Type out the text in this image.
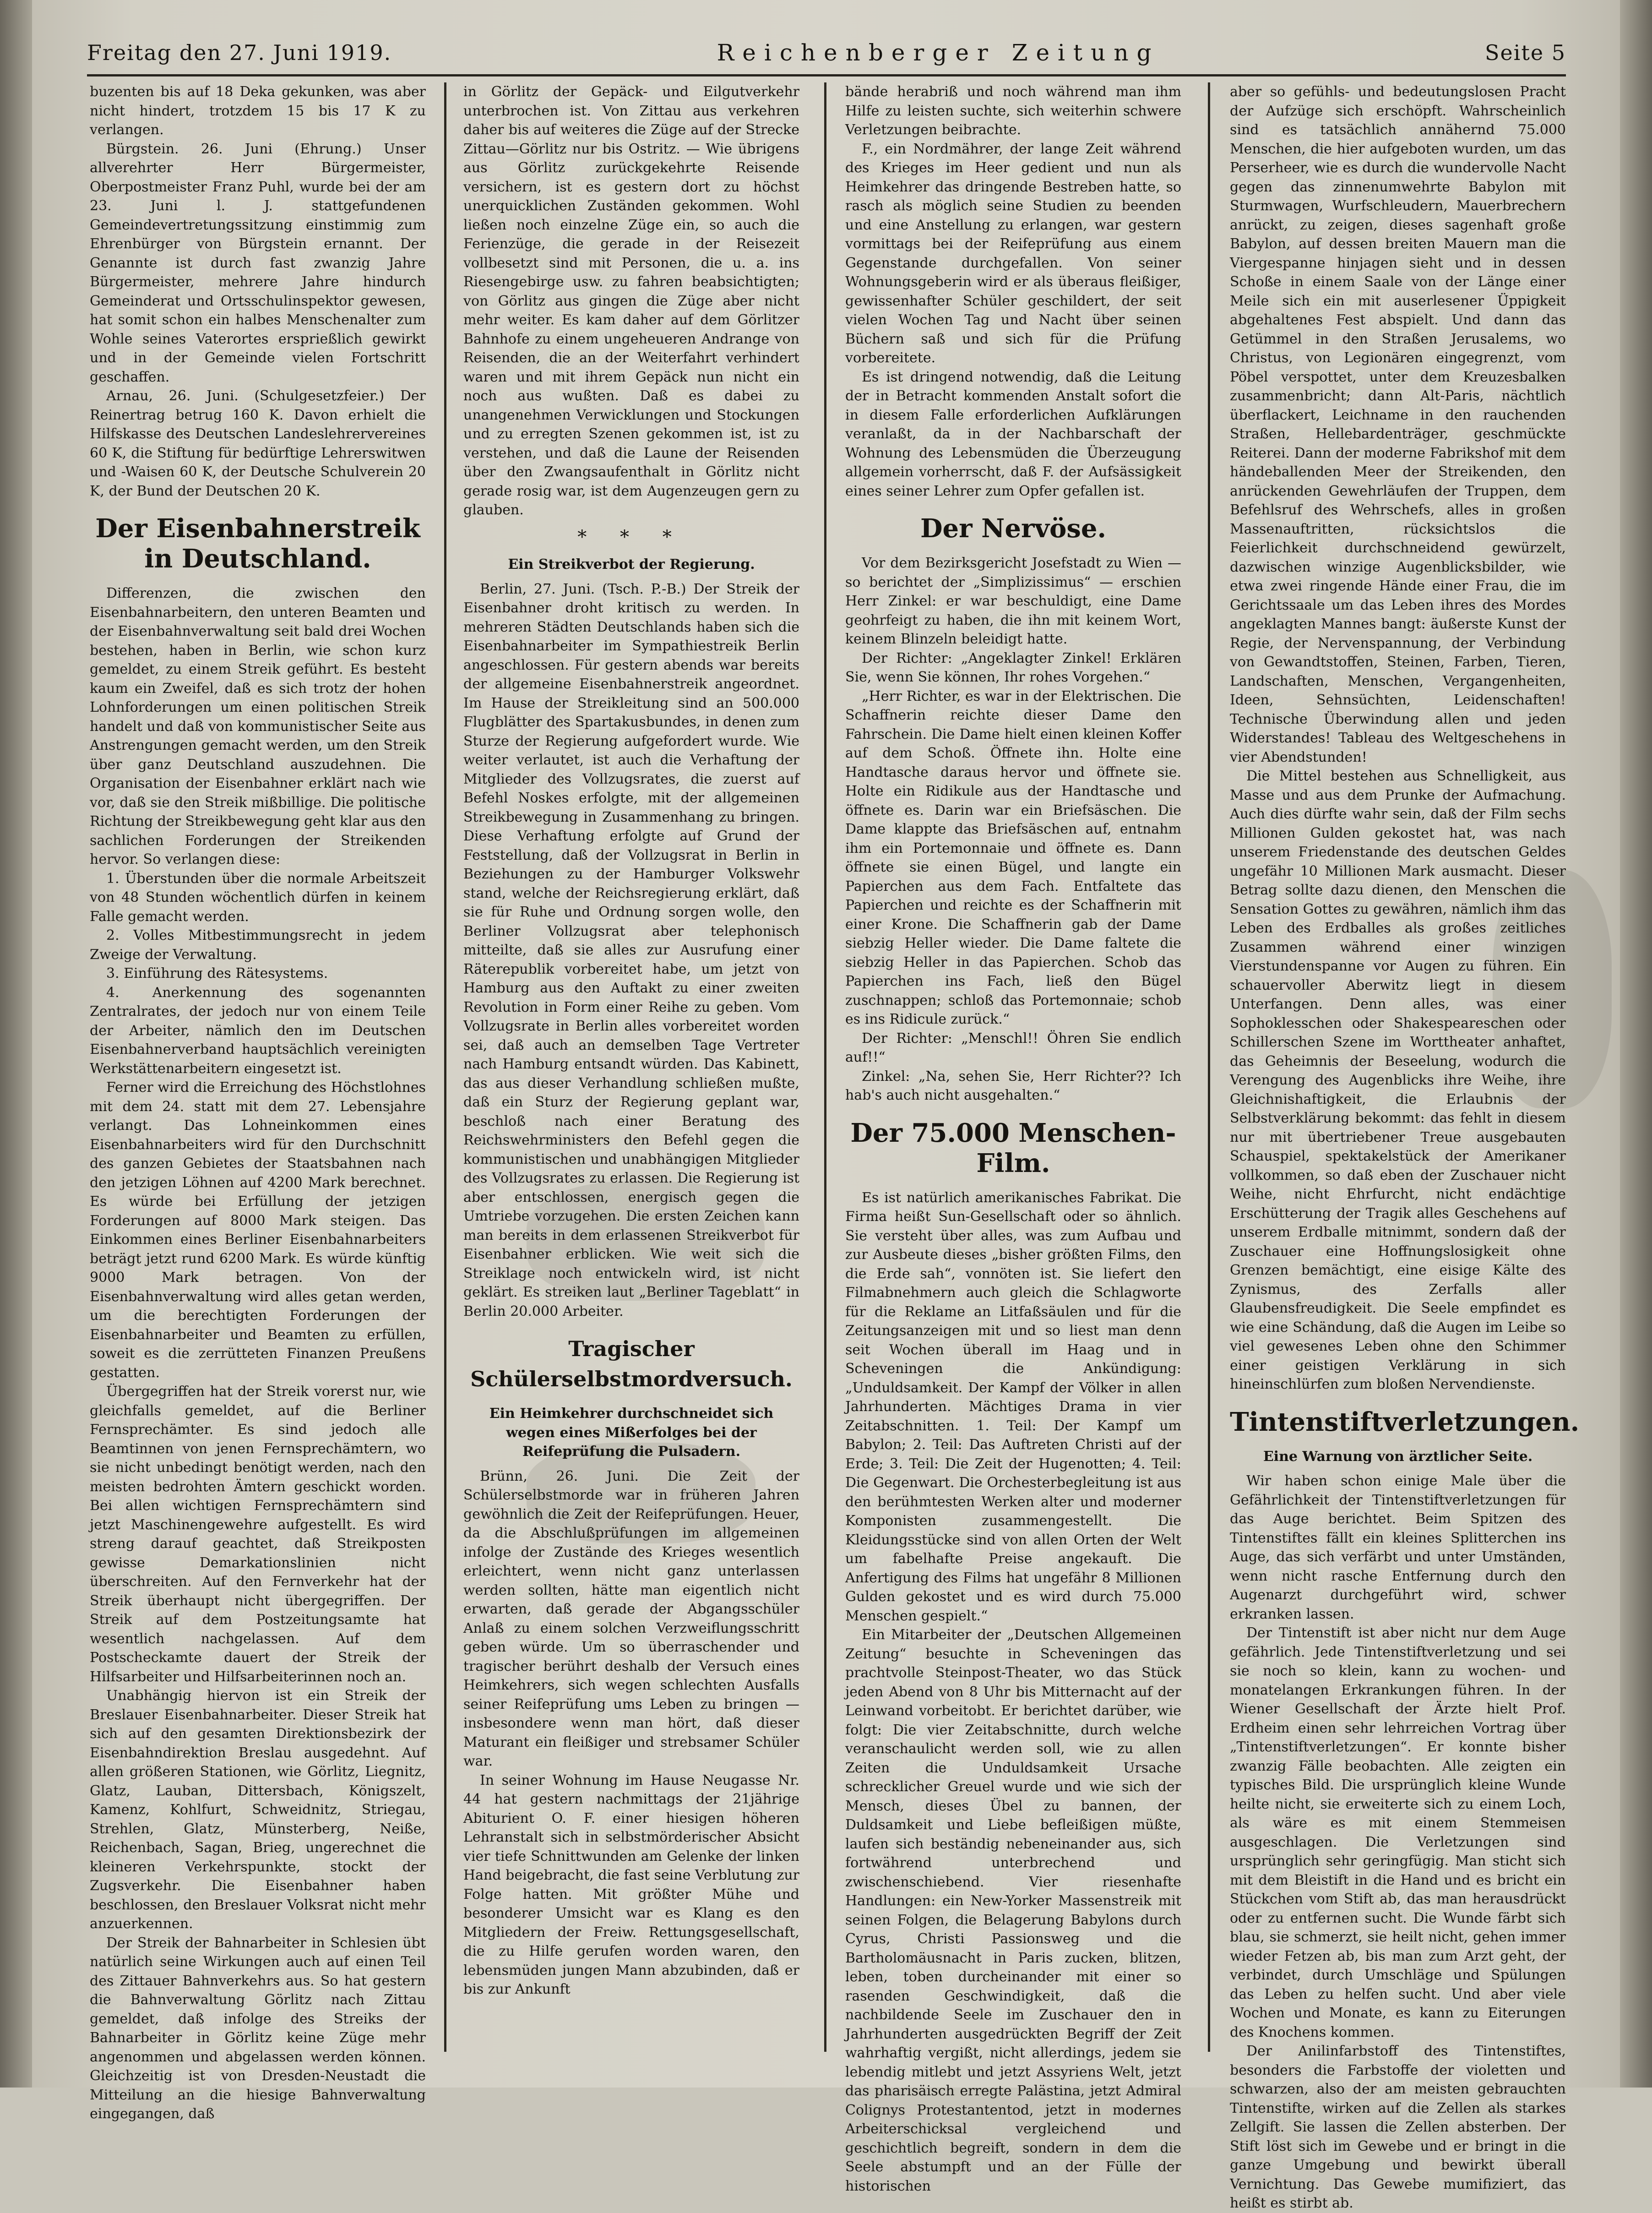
Freitag den 27. Juni 1919.	Reichenberger Zeitung	Seite 5

buzenten bis auf 18 Deka gekunken, was aber nicht hindert, trotzdem 15 bis 17 K zu verlangen.

Bürgstein. 26. Juni (Ehrung.) Unser allverehrter Herr Bürgermeister, Oberpostmeister Franz Puhl, wurde bei der am 23. Juni l. J. stattgefundenen Gemeindevertretungssitzung einstimmig zum Ehrenbürger von Bürgstein ernannt. Der Genannte ist durch fast zwanzig Jahre Bürgermeister, mehrere Jahre hindurch Gemeinderat und Ortsschulinspektor gewesen, hat somit schon ein halbes Menschenalter zum Wohle seines Vaterortes ersprießlich gewirkt und in der Gemeinde vielen Fortschritt geschaffen.

Arnau, 26. Juni. (Schulgesetzfeier.) Der Reinertrag betrug 160 K. Davon erhielt die Hilfskasse des Deutschen Landeslehrervereines 60 K, die Stiftung für bedürftige Lehrerswitwen und -Waisen 60 K, der Deutsche Schulverein 20 K, der Bund der Deutschen 20 K.

Der Eisenbahnerstreik
in Deutschland.

Differenzen, die zwischen den Eisenbahnarbeitern, den unteren Beamten und der Eisenbahnverwaltung seit bald drei Wochen bestehen, haben in Berlin, wie schon kurz gemeldet, zu einem Streik geführt. Es besteht kaum ein Zweifel, daß es sich trotz der hohen Lohnforderungen um einen politischen Streik handelt und daß von kommunistischer Seite aus Anstrengungen gemacht werden, um den Streik über ganz Deutschland auszudehnen. Die Organisation der Eisenbahner erklärt nach wie vor, daß sie den Streik mißbillige. Die politische Richtung der Streikbewegung geht klar aus den sachlichen Forderungen der Streikenden hervor. So verlangen diese:

1. Überstunden über die normale Arbeitszeit von 48 Stunden wöchentlich dürfen in keinem Falle gemacht werden.

2. Volles Mitbestimmungsrecht in jedem Zweige der Verwaltung.

3. Einführung des Rätesystems.

4. Anerkennung des sogenannten Zentralrates, der jedoch nur von einem Teile der Arbeiter, nämlich den im Deutschen Eisenbahnerverband hauptsächlich vereinigten Werkstättenarbeitern eingesetzt ist.

Ferner wird die Erreichung des Höchstlohnes mit dem 24. statt mit dem 27. Lebensjahre verlangt. Das Lohneinkommen eines Eisenbahnarbeiters wird für den Durchschnitt des ganzen Gebietes der Staatsbahnen nach den jetzigen Löhnen auf 4200 Mark berechnet. Es würde bei Erfüllung der jetzigen Forderungen auf 8000 Mark steigen. Das Einkommen eines Berliner Eisenbahnarbeiters beträgt jetzt rund 6200 Mark. Es würde künftig 9000 Mark betragen. Von der Eisenbahnverwaltung wird alles getan werden, um die berechtigten Forderungen der Eisenbahnarbeiter und Beamten zu erfüllen, soweit es die zerrütteten Finanzen Preußens gestatten.

Übergegriffen hat der Streik vorerst nur, wie gleichfalls gemeldet, auf die Berliner Fernsprechämter. Es sind jedoch alle Beamtinnen von jenen Fernsprechämtern, wo sie nicht unbedingt benötigt werden, nach den meisten bedrohten Ämtern geschickt worden. Bei allen wichtigen Fernsprechämtern sind jetzt Maschinengewehre aufgestellt. Es wird streng darauf geachtet, daß Streikposten gewisse Demarkationslinien nicht überschreiten. Auf den Fernverkehr hat der Streik überhaupt nicht übergegriffen. Der Streik auf dem Postzeitungsamte hat wesentlich nachgelassen. Auf dem Postscheckamte dauert der Streik der Hilfsarbeiter und Hilfsarbeiterinnen noch an.

Unabhängig hiervon ist ein Streik der Breslauer Eisenbahnarbeiter. Dieser Streik hat sich auf den gesamten Direktionsbezirk der Eisenbahndirektion Breslau ausgedehnt. Auf allen größeren Stationen, wie Görlitz, Liegnitz, Glatz, Lauban, Dittersbach, Königszelt, Kamenz, Kohlfurt, Schweidnitz, Striegau, Strehlen, Glatz, Münsterberg, Neiße, Reichenbach, Sagan, Brieg, ungerechnet die kleineren Verkehrspunkte, stockt der Zugsverkehr. Die Eisenbahner haben beschlossen, den Breslauer Volksrat nicht mehr anzuerkennen.

Der Streik der Bahnarbeiter in Schlesien übt natürlich seine Wirkungen auch auf einen Teil des Zittauer Bahnverkehrs aus. So hat gestern die Bahnverwaltung Görlitz nach Zittau gemeldet, daß infolge des Streiks der Bahnarbeiter in Görlitz keine Züge mehr angenommen und abgelassen werden können. Gleichzeitig ist von Dresden-Neustadt die Mitteilung an die hiesige Bahnverwaltung eingegangen, daß

in Görlitz der Gepäck- und Eilgutverkehr unterbrochen ist. Von Zittau aus verkehren daher bis auf weiteres die Züge auf der Strecke Zittau—Görlitz nur bis Ostritz. — Wie übrigens aus Görlitz zurückgekehrte Reisende versichern, ist es gestern dort zu höchst unerquicklichen Zuständen gekommen. Wohl ließen noch einzelne Züge ein, so auch die Ferienzüge, die gerade in der Reisezeit vollbesetzt sind mit Personen, die u. a. ins Riesengebirge usw. zu fahren beabsichtigten; von Görlitz aus gingen die Züge aber nicht mehr weiter. Es kam daher auf dem Görlitzer Bahnhofe zu einem ungeheueren Andrange von Reisenden, die an der Weiterfahrt verhindert waren und mit ihrem Gepäck nun nicht ein noch aus wußten. Daß es dabei zu unangenehmen Verwicklungen und Stockungen und zu erregten Szenen gekommen ist, ist zu verstehen, und daß die Laune der Reisenden über den Zwangsaufenthalt in Görlitz nicht gerade rosig war, ist dem Augenzeugen gern zu glauben.

* * *
Ein Streikverbot der Regierung.

Berlin, 27. Juni. (Tsch. P.-B.) Der Streik der Eisenbahner droht kritisch zu werden. In mehreren Städten Deutschlands haben sich die Eisenbahnarbeiter im Sympathiestreik Berlin angeschlossen. Für gestern abends war bereits der allgemeine Eisenbahnerstreik angeordnet. Im Hause der Streikleitung sind an 500.000 Flugblätter des Spartakusbundes, in denen zum Sturze der Regierung aufgefordert wurde. Wie weiter verlautet, ist auch die Verhaftung der Mitglieder des Vollzugsrates, die zuerst auf Befehl Noskes erfolgte, mit der allgemeinen Streikbewegung in Zusammenhang zu bringen. Diese Verhaftung erfolgte auf Grund der Feststellung, daß der Vollzugsrat in Berlin in Beziehungen zu der Hamburger Volkswehr stand, welche der Reichsregierung erklärt, daß sie für Ruhe und Ordnung sorgen wolle, den Berliner Vollzugsrat aber telephonisch mitteilte, daß sie alles zur Ausrufung einer Räterepublik vorbereitet habe, um jetzt von Hamburg aus den Auftakt zu einer zweiten Revolution in Form einer Reihe zu geben. Vom Vollzugsrate in Berlin alles vorbereitet worden sei, daß auch an demselben Tage Vertreter nach Hamburg entsandt würden. Das Kabinett, das aus dieser Verhandlung schließen mußte, daß ein Sturz der Regierung geplant war, beschloß nach einer Beratung des Reichswehrministers den Befehl gegen die kommunistischen und unabhängigen Mitglieder des Vollzugsrates zu erlassen. Die Regierung ist aber entschlossen, energisch gegen die Umtriebe vorzugehen. Die ersten Zeichen kann man bereits in dem erlassenen Streikverbot für Eisenbahner erblicken. Wie weit sich die Streiklage noch entwickeln wird, ist nicht geklärt. Es streiken laut „Berliner Tageblatt“ in Berlin 20.000 Arbeiter.

Tragischer Schülerselbstmordversuch.
Ein Heimkehrer durchschneidet sich wegen eines Mißerfolges bei der Reifeprüfung die Pulsadern.

Brünn, 26. Juni. Die Zeit der Schülerselbstmorde war in früheren Jahren gewöhnlich die Zeit der Reifeprüfungen. Heuer, da die Abschlußprüfungen im allgemeinen infolge der Zustände des Krieges wesentlich erleichtert, wenn nicht ganz unterlassen werden sollten, hätte man eigentlich nicht erwarten, daß gerade der Abgangsschüler Anlaß zu einem solchen Verzweiflungsschritt geben würde. Um so überraschender und tragischer berührt deshalb der Versuch eines Heimkehrers, sich wegen schlechten Ausfalls seiner Reifeprüfung ums Leben zu bringen — insbesondere wenn man hört, daß dieser Maturant ein fleißiger und strebsamer Schüler war.

In seiner Wohnung im Hause Neugasse Nr. 44 hat gestern nachmittags der 21jährige Abiturient O. F. einer hiesigen höheren Lehranstalt sich in selbstmörderischer Absicht vier tiefe Schnittwunden am Gelenke der linken Hand beigebracht, die fast seine Verblutung zur Folge hatten. Mit größter Mühe und besonderer Umsicht war es Klang es den Mitgliedern der Freiw. Rettungsgesellschaft, die zu Hilfe gerufen worden waren, den lebensmüden jungen Mann abzubinden, daß er bis zur Ankunft

bände herabriß und noch während man ihm Hilfe zu leisten suchte, sich weiterhin schwere Verletzungen beibrachte.

F., ein Nordmährer, der lange Zeit während des Krieges im Heer gedient und nun als Heimkehrer das dringende Bestreben hatte, so rasch als möglich seine Studien zu beenden und eine Anstellung zu erlangen, war gestern vormittags bei der Reifeprüfung aus einem Gegenstande durchgefallen. Von seiner Wohnungsgeberin wird er als überaus fleißiger, gewissenhafter Schüler geschildert, der seit vielen Wochen Tag und Nacht über seinen Büchern saß und sich für die Prüfung vorbereitete.

Es ist dringend notwendig, daß die Leitung der in Betracht kommenden Anstalt sofort die in diesem Falle erforderlichen Aufklärungen veranlaßt, da in der Nachbarschaft der Wohnung des Lebensmüden die Überzeugung allgemein vorherrscht, daß F. der Aufsässigkeit eines seiner Lehrer zum Opfer gefallen ist.

Der Nervöse.

Vor dem Bezirksgericht Josefstadt zu Wien — so berichtet der „Simplizissimus“ — erschien Herr Zinkel: er war beschuldigt, eine Dame geohrfeigt zu haben, die ihn mit keinem Wort, keinem Blinzeln beleidigt hatte.

Der Richter: „Angeklagter Zinkel! Erklären Sie, wenn Sie können, Ihr rohes Vorgehen.“

„Herr Richter, es war in der Elektrischen. Die Schaffnerin reichte dieser Dame den Fahrschein. Die Dame hielt einen kleinen Koffer auf dem Schoß. Öffnete ihn. Holte eine Handtasche daraus hervor und öffnete sie. Holte ein Ridikule aus der Handtasche und öffnete es. Darin war ein Briefsäschen. Die Dame klappte das Briefsäschen auf, entnahm ihm ein Portemonnaie und öffnete es. Dann öffnete sie einen Bügel, und langte ein Papierchen aus dem Fach. Entfaltete das Papierchen und reichte es der Schaffnerin mit einer Krone. Die Schaffnerin gab der Dame siebzig Heller wieder. Die Dame faltete die siebzig Heller in das Papierchen. Schob das Papierchen ins Fach, ließ den Bügel zuschnappen; schloß das Portemonnaie; schob es ins Ridicule zurück.“

Der Richter: „Menschl!! Öhren Sie endlich auf!!“

Zinkel: „Na, sehen Sie, Herr Richter?? Ich hab's auch nicht ausgehalten.“

Der 75.000 Menschen-Film.

Es ist natürlich amerikanisches Fabrikat. Die Firma heißt Sun-Gesellschaft oder so ähnlich. Sie versteht über alles, was zum Aufbau und zur Ausbeute dieses „bisher größten Films, den die Erde sah“, vonnöten ist. Sie liefert den Filmabnehmern auch gleich die Schlagworte für die Reklame an Litfaßsäulen und für die Zeitungsanzeigen mit und so liest man denn seit Wochen überall im Haag und in Scheveningen die Ankündigung: „Unduldsamkeit. Der Kampf der Völker in allen Jahrhunderten. Mächtiges Drama in vier Zeitabschnitten. 1. Teil: Der Kampf um Babylon; 2. Teil: Das Auftreten Christi auf der Erde; 3. Teil: Die Zeit der Hugenotten; 4. Teil: Die Gegenwart. Die Orchesterbegleitung ist aus den berühmtesten Werken alter und moderner Komponisten zusammengestellt. Die Kleidungsstücke sind von allen Orten der Welt um fabelhafte Preise angekauft. Die Anfertigung des Films hat ungefähr 8 Millionen Gulden gekostet und es wird durch 75.000 Menschen gespielt.“

Ein Mitarbeiter der „Deutschen Allgemeinen Zeitung“ besuchte in Scheveningen das prachtvolle Steinpost-Theater, wo das Stück jeden Abend von 8 Uhr bis Mitternacht auf der Leinwand vorbeitobt. Er berichtet darüber, wie folgt: Die vier Zeitabschnitte, durch welche veranschaulicht werden soll, wie zu allen Zeiten die Unduldsamkeit Ursache schrecklicher Greuel wurde und wie sich der Mensch, dieses Übel zu bannen, der Duldsamkeit und Liebe befleißigen müßte, laufen sich beständig nebeneinander aus, sich fortwährend unterbrechend und zwischenschiebend. Vier riesenhafte Handlungen: ein New-Yorker Massenstreik mit seinen Folgen, die Belagerung Babylons durch Cyrus, Christi Passionsweg und die Bartholomäusnacht in Paris zucken, blitzen, leben, toben durcheinander mit einer so rasenden Geschwindigkeit, daß die nachbildende Seele im Zuschauer den in Jahrhunderten ausgedrückten Begriff der Zeit wahrhaftig vergißt, nicht allerdings, jedem sie lebendig mitlebt und jetzt Assyriens Welt, jetzt das pharisäisch erregte Palästina, jetzt Admiral Colignys Protestantentod, jetzt in modernes Arbeiterschicksal vergleichend und geschichtlich begreift, sondern in dem die Seele abstumpft und an der Fülle der historischen

aber so gefühls- und bedeutungslosen Pracht der Aufzüge sich erschöpft. Wahrscheinlich sind es tatsächlich annähernd 75.000 Menschen, die hier aufgeboten wurden, um das Perserheer, wie es durch die wundervolle Nacht gegen das zinnenumwehrte Babylon mit Sturmwagen, Wurfschleudern, Mauerbrechern anrückt, zu zeigen, dieses sagenhaft große Babylon, auf dessen breiten Mauern man die Viergespanne hinjagen sieht und in dessen Schoße in einem Saale von der Länge einer Meile sich ein mit auserlesener Üppigkeit abgehaltenes Fest abspielt. Und dann das Getümmel in den Straßen Jerusalems, wo Christus, von Legionären eingegrenzt, vom Pöbel verspottet, unter dem Kreuzesbalken zusammenbricht; dann Alt-Paris, nächtlich überflackert, Leichname in den rauchenden Straßen, Hellebardenträger, geschmückte Reiterei. Dann der moderne Fabrikshof mit dem händeballenden Meer der Streikenden, den anrückenden Gewehrläufen der Truppen, dem Befehlsruf des Wehrschefs, alles in großen Massenauftritten, rücksichtslos die Feierlichkeit durchschneidend gewürzelt, dazwischen winzige Augenblicksbilder, wie etwa zwei ringende Hände einer Frau, die im Gerichtssaale um das Leben ihres des Mordes angeklagten Mannes bangt: äußerste Kunst der Regie, der Nervenspannung, der Verbindung von Gewandtstoffen, Steinen, Farben, Tieren, Landschaften, Menschen, Vergangenheiten, Ideen, Sehnsüchten, Leidenschaften! Technische Überwindung allen und jeden Widerstandes! Tableau des Weltgeschehens in vier Abendstunden!

Die Mittel bestehen aus Schnelligkeit, aus Masse und aus dem Prunke der Aufmachung. Auch dies dürfte wahr sein, daß der Film sechs Millionen Gulden gekostet hat, was nach unserem Friedenstande des deutschen Geldes ungefähr 10 Millionen Mark ausmacht. Dieser Betrag sollte dazu dienen, den Menschen die Sensation Gottes zu gewähren, nämlich ihm das Leben des Erdballes als großes zeitliches Zusammen während einer winzigen Vierstundenspanne vor Augen zu führen. Ein schauervoller Aberwitz liegt in diesem Unterfangen. Denn alles, was einer Sophoklesschen oder Shakespeareschen oder Schillerschen Szene im Worttheater anhaftet, das Geheimnis der Beseelung, wodurch die Verengung des Augenblicks ihre Weihe, ihre Gleichnishaftigkeit, die Erlaubnis der Selbstverklärung bekommt: das fehlt in diesem nur mit übertriebener Treue ausgebauten Schauspiel, spektakelstück der Amerikaner vollkommen, so daß eben der Zuschauer nicht Weihe, nicht Ehrfurcht, nicht endächtige Erschütterung der Tragik alles Geschehens auf unserem Erdballe mitnimmt, sondern daß der Zuschauer eine Hoffnungslosigkeit ohne Grenzen bemächtigt, eine eisige Kälte des Zynismus, des Zerfalls aller Glaubensfreudigkeit. Die Seele empfindet es wie eine Schändung, daß die Augen im Leibe so viel gewesenes Leben ohne den Schimmer einer geistigen Verklärung in sich hineinschlürfen zum bloßen Nervendienste.

Tintenstiftverletzungen.
Eine Warnung von ärztlicher Seite.

Wir haben schon einige Male über die Gefährlichkeit der Tintenstiftverletzungen für das Auge berichtet. Beim Spitzen des Tintenstiftes fällt ein kleines Splitterchen ins Auge, das sich verfärbt und unter Umständen, wenn nicht rasche Entfernung durch den Augenarzt durchgeführt wird, schwer erkranken lassen.

Der Tintenstift ist aber nicht nur dem Auge gefährlich. Jede Tintenstiftverletzung und sei sie noch so klein, kann zu wochen- und monatelangen Erkrankungen führen. In der Wiener Gesellschaft der Ärzte hielt Prof. Erdheim einen sehr lehrreichen Vortrag über „Tintenstiftverletzungen“. Er konnte bisher zwanzig Fälle beobachten. Alle zeigten ein typisches Bild. Die ursprünglich kleine Wunde heilte nicht, sie erweiterte sich zu einem Loch, als wäre es mit einem Stemmeisen ausgeschlagen. Die Verletzungen sind ursprünglich sehr geringfügig. Man sticht sich mit dem Bleistift in die Hand und es bricht ein Stückchen vom Stift ab, das man herausdrückt oder zu entfernen sucht. Die Wunde färbt sich blau, sie schmerzt, sie heilt nicht, gehen immer wieder Fetzen ab, bis man zum Arzt geht, der verbindet, durch Umschläge und Spülungen das Leben zu helfen sucht. Und aber viele Wochen und Monate, es kann zu Eiterungen des Knochens kommen.

Der Anilinfarbstoff des Tintenstiftes, besonders die Farbstoffe der violetten und schwarzen, also der am meisten gebrauchten Tintenstifte, wirken auf die Zellen als starkes Zellgift. Sie lassen die Zellen absterben. Der Stift löst sich im Gewebe und er bringt in die ganze Umgebung und bewirkt überall Vernichtung. Das Gewebe mumifiziert, das heißt es stirbt ab.
